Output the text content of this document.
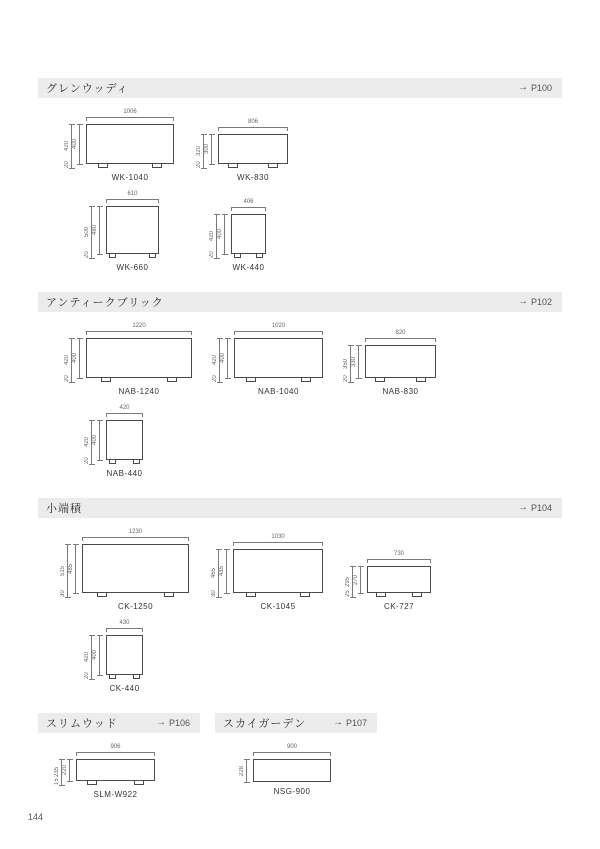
グレンウッディ	→ P100
1006
420 400
20
WK-1040
806
320 300
20
WK-830
610
500 480
20
WK-660
406
420 400
20
WK-440
アンティークブリック	→ P102
1220
420 400
20
NAB-1240
1020
420 400
20
NAB-1040
820
350 330
20
NAB-830
420
420 400
20
NAB-440
小端積	→ P104
1230
515 485
30
CK-1250
1030
465 435
30
CK-1045
730
295 270
25
CK-727
430
420 400
20
CK-440
スリムウッド	→ P106
906
235 220
15
SLM-W922
スカイガーデン	→ P107
900
228
NSG-900
144
